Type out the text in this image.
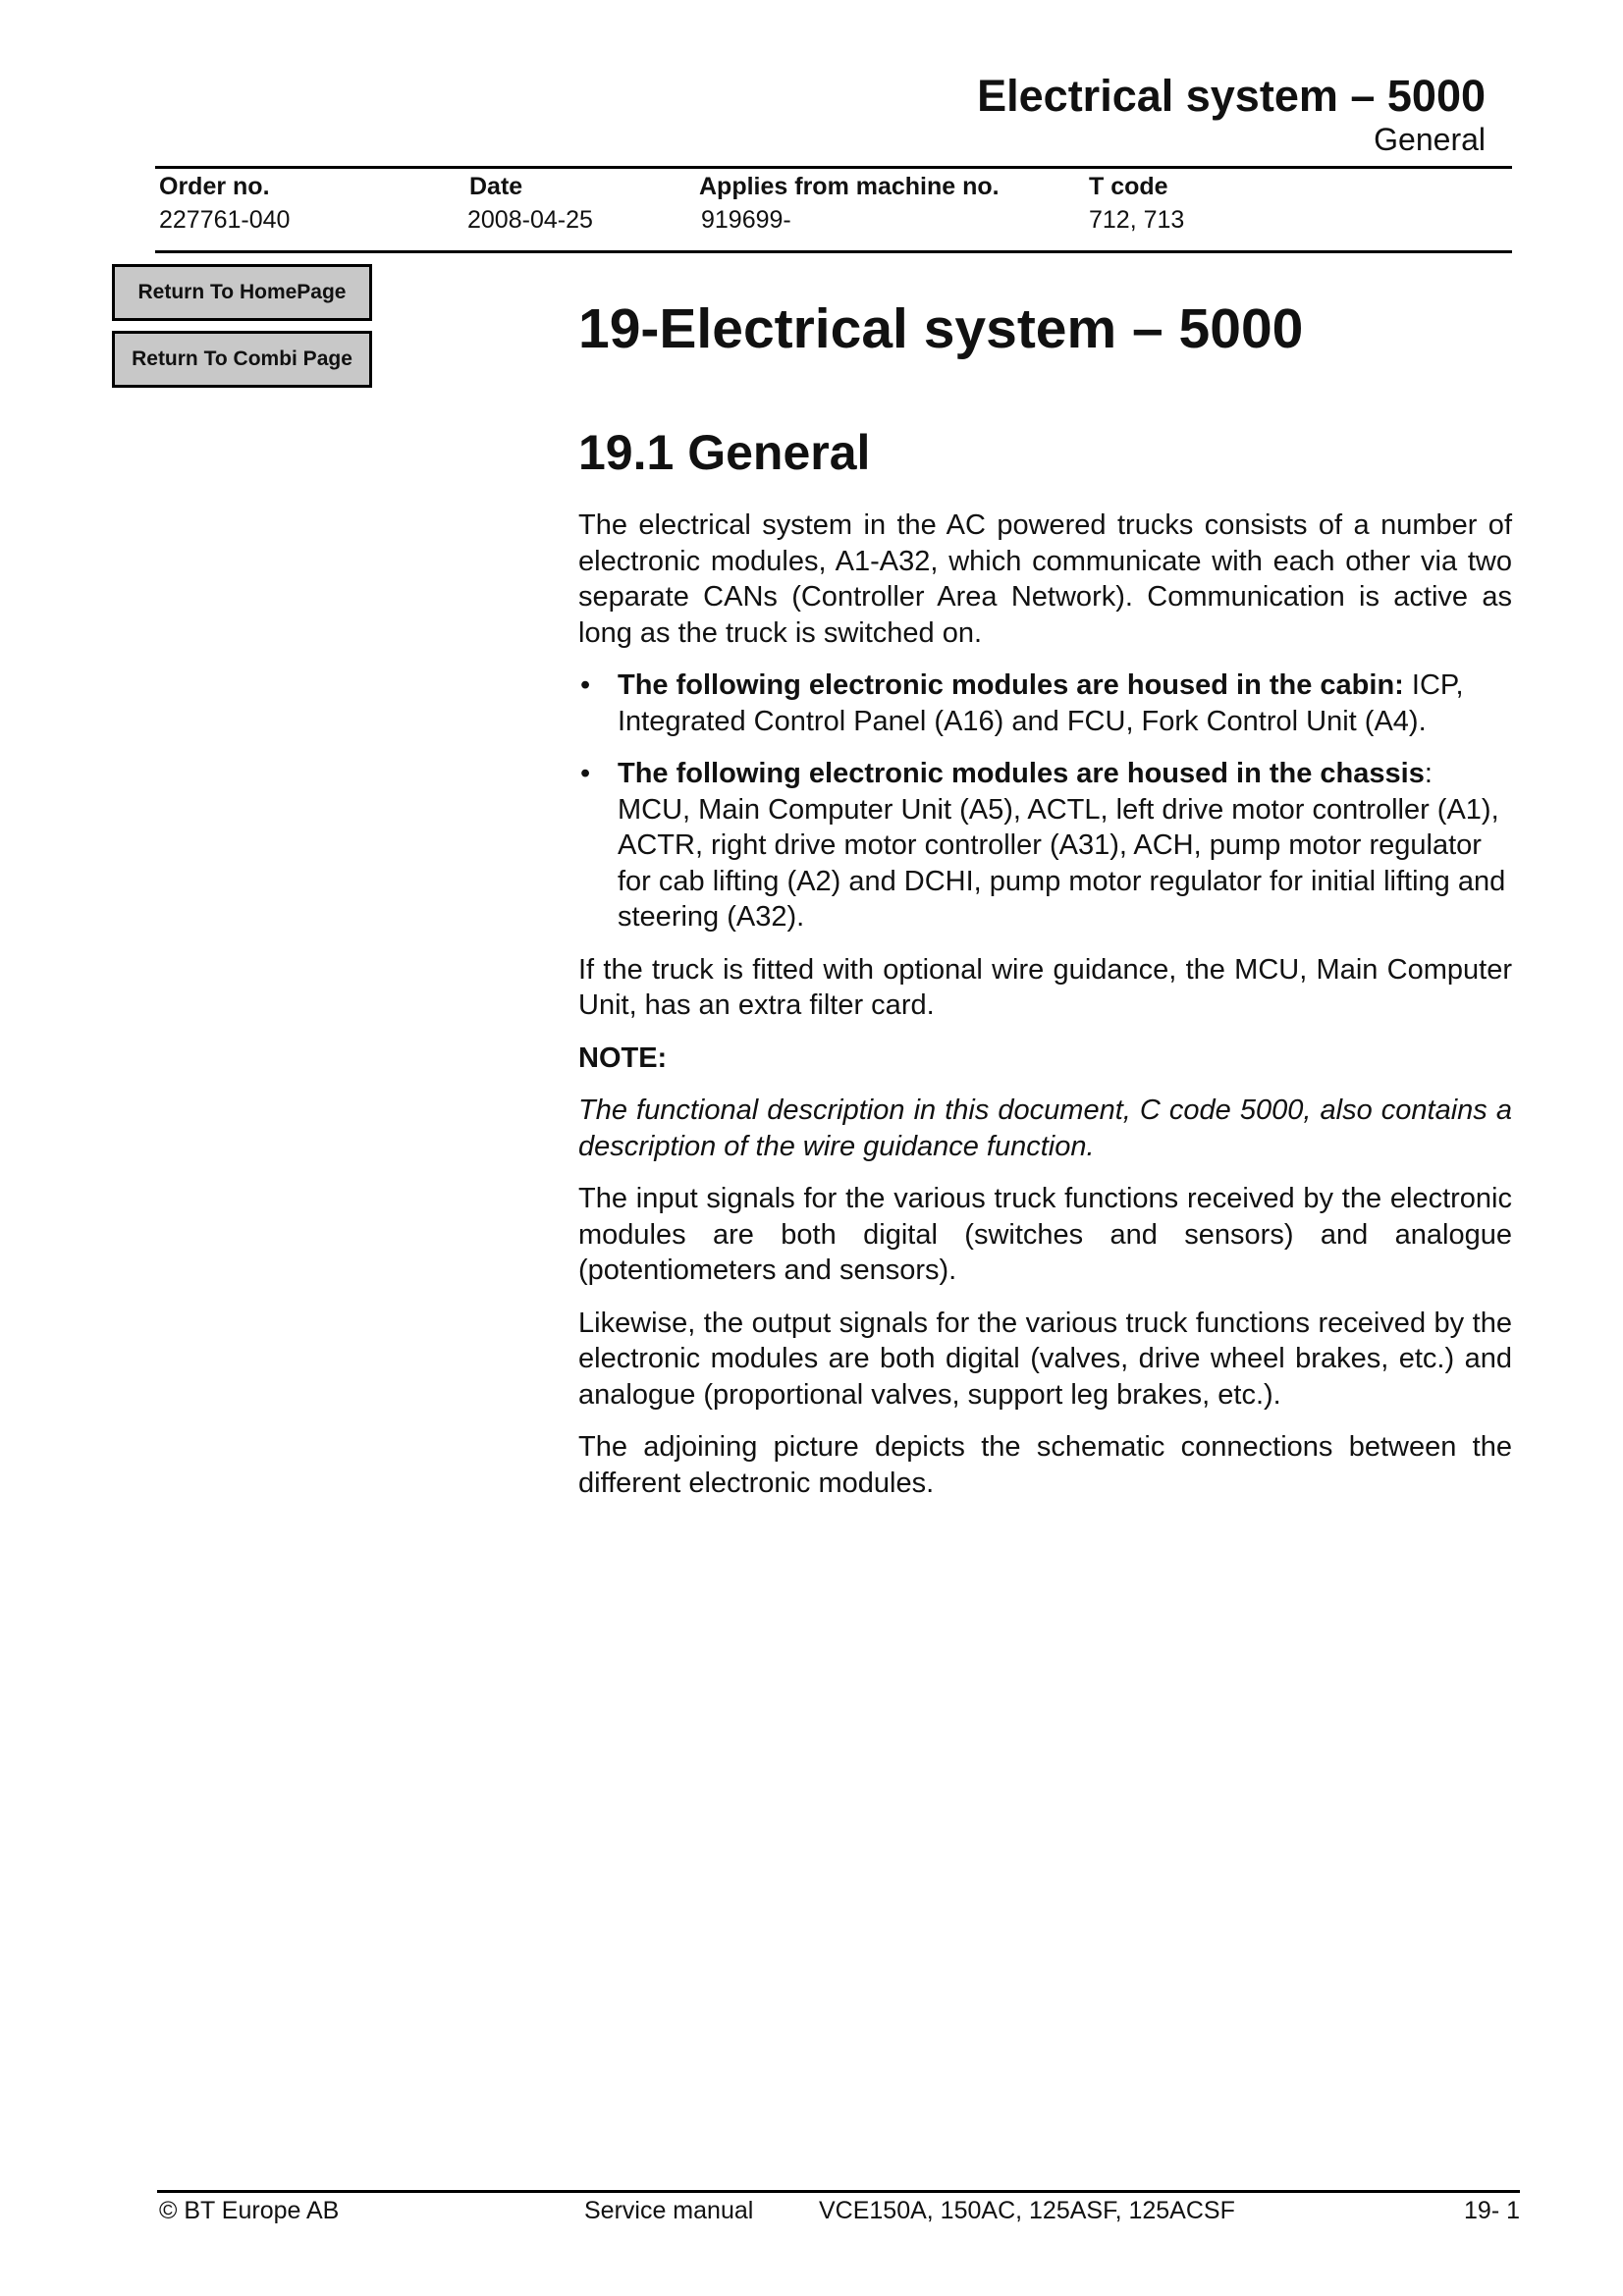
Electrical system – 5000
General
Order no.	Date	Applies from machine no.	T code
227761-040	2008-04-25	919699-	712, 713
Return To HomePage
Return To Combi Page	19-Electrical system – 5000
19.1 General

The electrical system in the AC powered trucks consists of a number of electronic modules, A1-A32, which communicate with each other via two separate CANs (Controller Area Network). Communication is active as long as the truck is switched on.

• The following electronic modules are housed in the cabin: ICP, Integrated Control Panel (A16) and FCU, Fork Control Unit (A4).
• The following electronic modules are housed in the chassis: MCU, Main Computer Unit (A5), ACTL, left drive motor controller (A1), ACTR, right drive motor controller (A31), ACH, pump motor regulator for cab lifting (A2) and DCHI, pump motor regulator for initial lifting and steering (A32).

If the truck is fitted with optional wire guidance, the MCU, Main Computer Unit, has an extra filter card.

NOTE:

The functional description in this document, C code 5000, also contains a description of the wire guidance function.

The input signals for the various truck functions received by the electronic modules are both digital (switches and sensors) and analogue (potentiometers and sensors).

Likewise, the output signals for the various truck functions received by the electronic modules are both digital (valves, drive wheel brakes, etc.) and analogue (proportional valves, support leg brakes, etc.).

The adjoining picture depicts the schematic connections between the different electronic modules.

© BT Europe AB	Service manual	VCE150A, 150AC, 125ASF, 125ACSF	19- 1
